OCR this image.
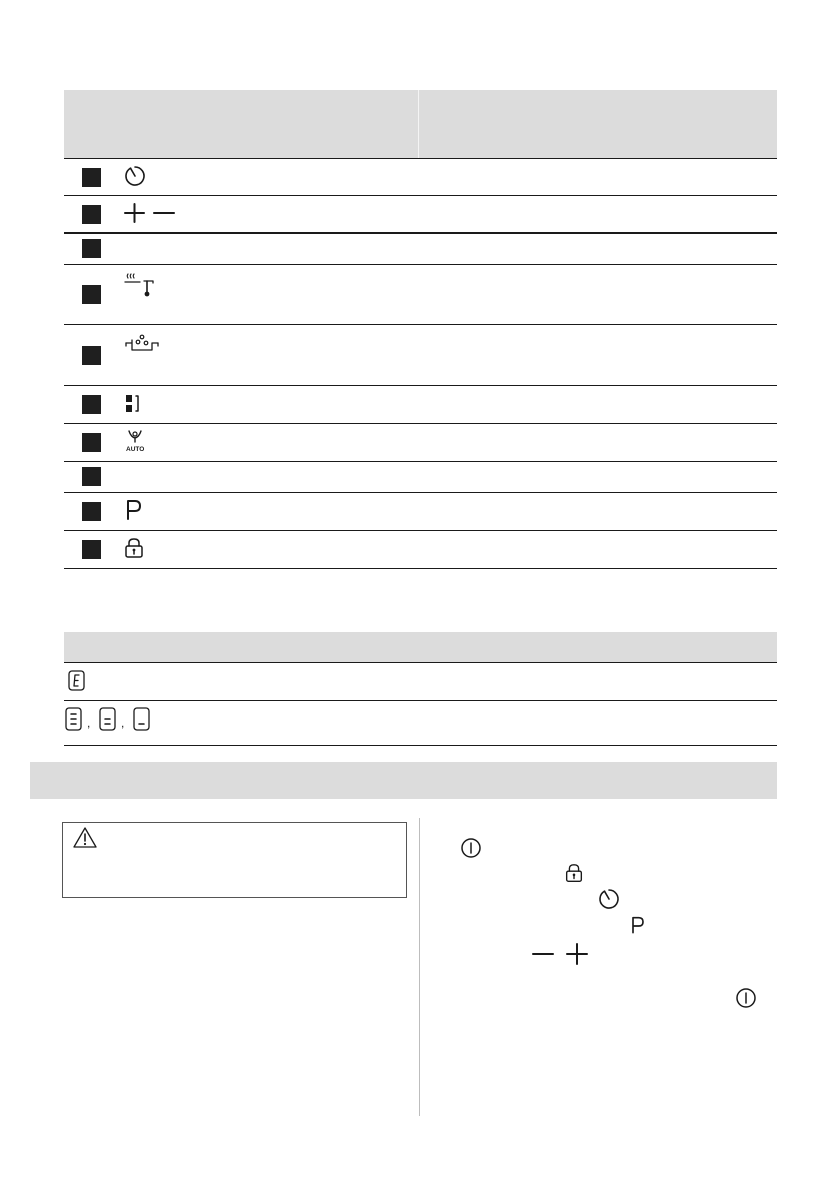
AUTO
,	,
